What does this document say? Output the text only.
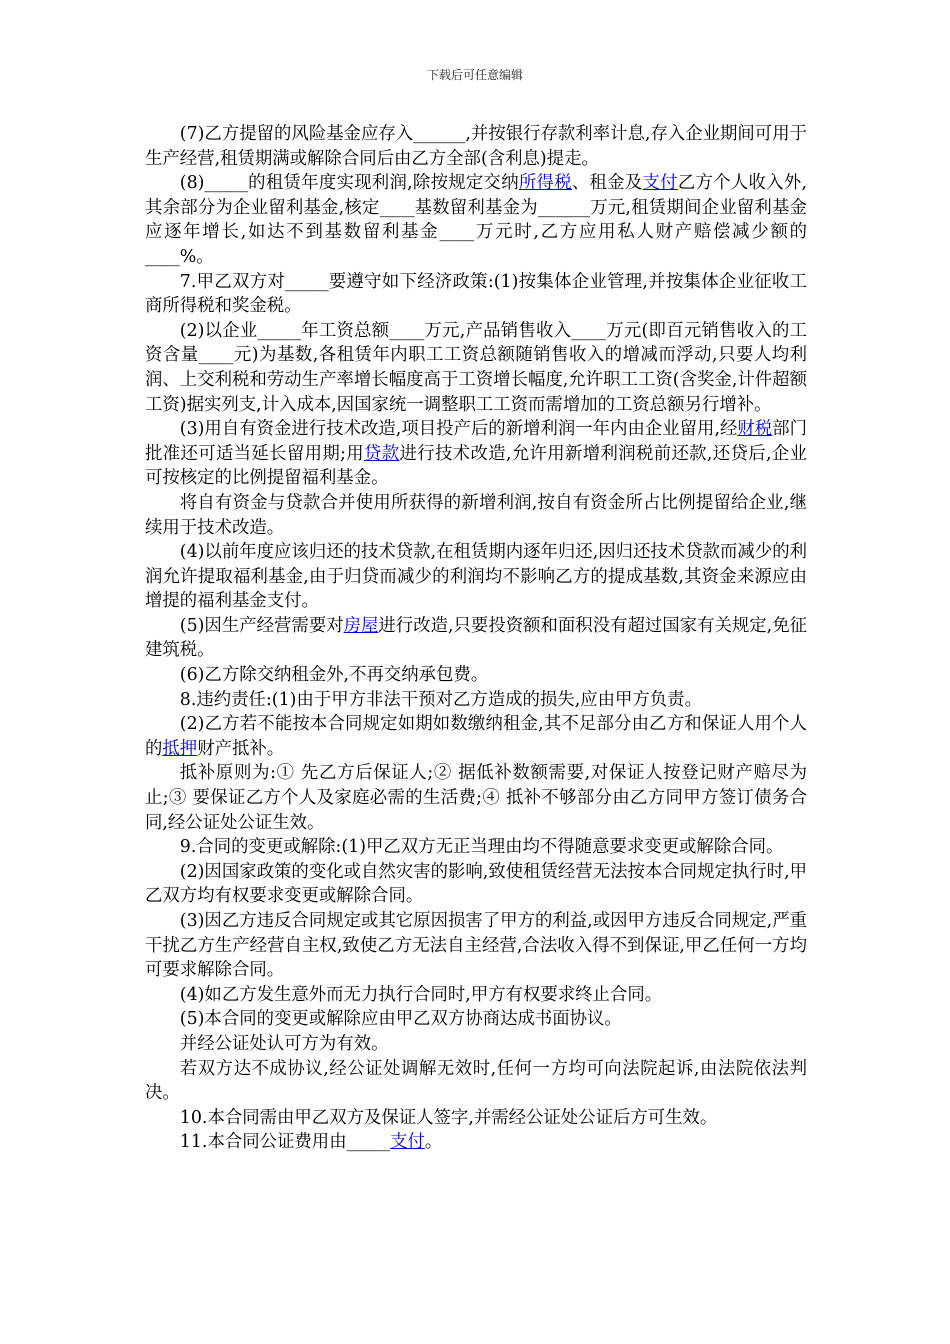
下载后可任意编辑

(7)乙方提留的风险基金应存入______,并按银行存款利率计息,存入企业期间可用于生产经营,租赁期满或解除合同后由乙方全部(含利息)提走。

(8)_____的租赁年度实现利润,除按规定交纳所得税、租金及支付乙方个人收入外,其余部分为企业留利基金,核定____基数留利基金为______万元,租赁期间企业留利基金应逐年增长,如达不到基数留利基金____万元时,乙方应用私人财产赔偿减少额的____%。

7.甲乙双方对_____要遵守如下经济政策:(1)按集体企业管理,并按集体企业征收工商所得税和奖金税。

(2)以企业_____年工资总额____万元,产品销售收入____万元(即百元销售收入的工资含量____元)为基数,各租赁年内职工工资总额随销售收入的增减而浮动,只要人均利润、上交利税和劳动生产率增长幅度高于工资增长幅度,允许职工工资(含奖金,计件超额工资)据实列支,计入成本,因国家统一调整职工工资而需增加的工资总额另行增补。

(3)用自有资金进行技术改造,项目投产后的新增利润一年内由企业留用,经财税部门批准还可适当延长留用期;用贷款进行技术改造,允许用新增利润税前还款,还贷后,企业可按核定的比例提留福利基金。

将自有资金与贷款合并使用所获得的新增利润,按自有资金所占比例提留给企业,继续用于技术改造。

(4)以前年度应该归还的技术贷款,在租赁期内逐年归还,因归还技术贷款而减少的利润允许提取福利基金,由于归贷而减少的利润均不影响乙方的提成基数,其资金来源应由增提的福利基金支付。

(5)因生产经营需要对房屋进行改造,只要投资额和面积没有超过国家有关规定,免征建筑税。

(6)乙方除交纳租金外,不再交纳承包费。

8.违约责任:(1)由于甲方非法干预对乙方造成的损失,应由甲方负责。

(2)乙方若不能按本合同规定如期如数缴纳租金,其不足部分由乙方和保证人用个人的抵押财产抵补。

抵补原则为:① 先乙方后保证人;② 据低补数额需要,对保证人按登记财产赔尽为止;③ 要保证乙方个人及家庭必需的生活费;④ 抵补不够部分由乙方同甲方签订债务合同,经公证处公证生效。

9.合同的变更或解除:(1)甲乙双方无正当理由均不得随意要求变更或解除合同。

(2)因国家政策的变化或自然灾害的影响,致使租赁经营无法按本合同规定执行时,甲乙双方均有权要求变更或解除合同。

(3)因乙方违反合同规定或其它原因损害了甲方的利益,或因甲方违反合同规定,严重干扰乙方生产经营自主权,致使乙方无法自主经营,合法收入得不到保证,甲乙任何一方均可要求解除合同。

(4)如乙方发生意外而无力执行合同时,甲方有权要求终止合同。

(5)本合同的变更或解除应由甲乙双方协商达成书面协议。

并经公证处认可方为有效。

若双方达不成协议,经公证处调解无效时,任何一方均可向法院起诉,由法院依法判决。

10.本合同需由甲乙双方及保证人签字,并需经公证处公证后方可生效。

11.本合同公证费用由_____支付。
